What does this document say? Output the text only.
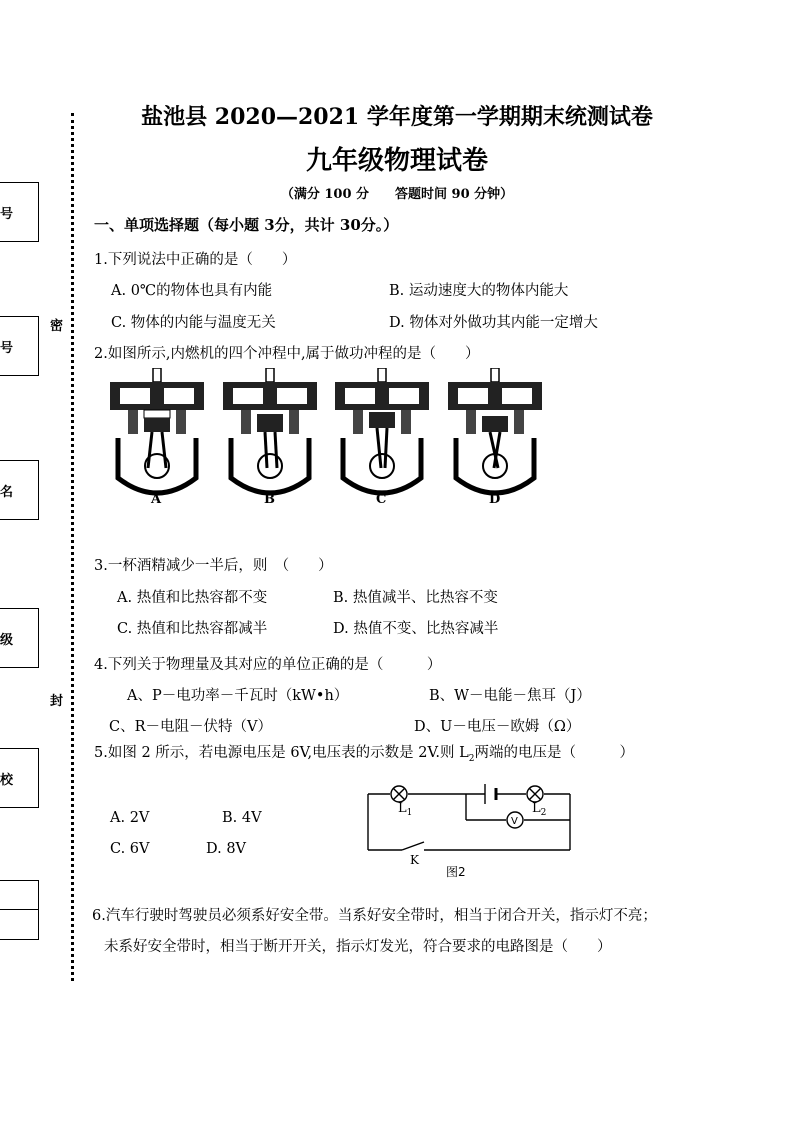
号
号
名
级
校
密
封
盐池县 2020—2021 学年度第一学期期末统测试卷
九年级物理试卷
（满分 100 分　　答题时间 90 分钟）
一、单项选择题（每小题 3分，共计 30分。）
1.下列说法中正确的是（　　）
A. 0℃的物体也具有内能	B. 运动速度大的物体内能大
C. 物体的内能与温度无关	D. 物体对外做功其内能一定增大
2.如图所示,内燃机的四个冲程中,属于做功冲程的是（　　）
A	B	C	D
3.一杯酒精减少一半后，则　（　　）
A. 热值和比热容都不变	B. 热值减半、比热容不变
C. 热值和比热容都减半	D. 热值不变、比热容减半
4.下列关于物理量及其对应的单位正确的是（　　　）
A、P－电功率－千瓦时（kW•h）	B、W－电能－焦耳（J）
C、R－电阻－伏特（V）	D、U－电压－欧姆（Ω）
5.如图 2 所示，若电源电压是 6V,电压表的示数是 2V.则 $L_2$两端的电压是（　　　）
A. 2V	B. 4V
C. 6V	D. 8V
$L_1$	$L_2$
V
K
图2
6.汽车行驶时驾驶员必须系好安全带。当系好安全带时，相当于闭合开关，指示灯不亮；
未系好安全带时，相当于断开开关，指示灯发光，符合要求的电路图是（　　）
